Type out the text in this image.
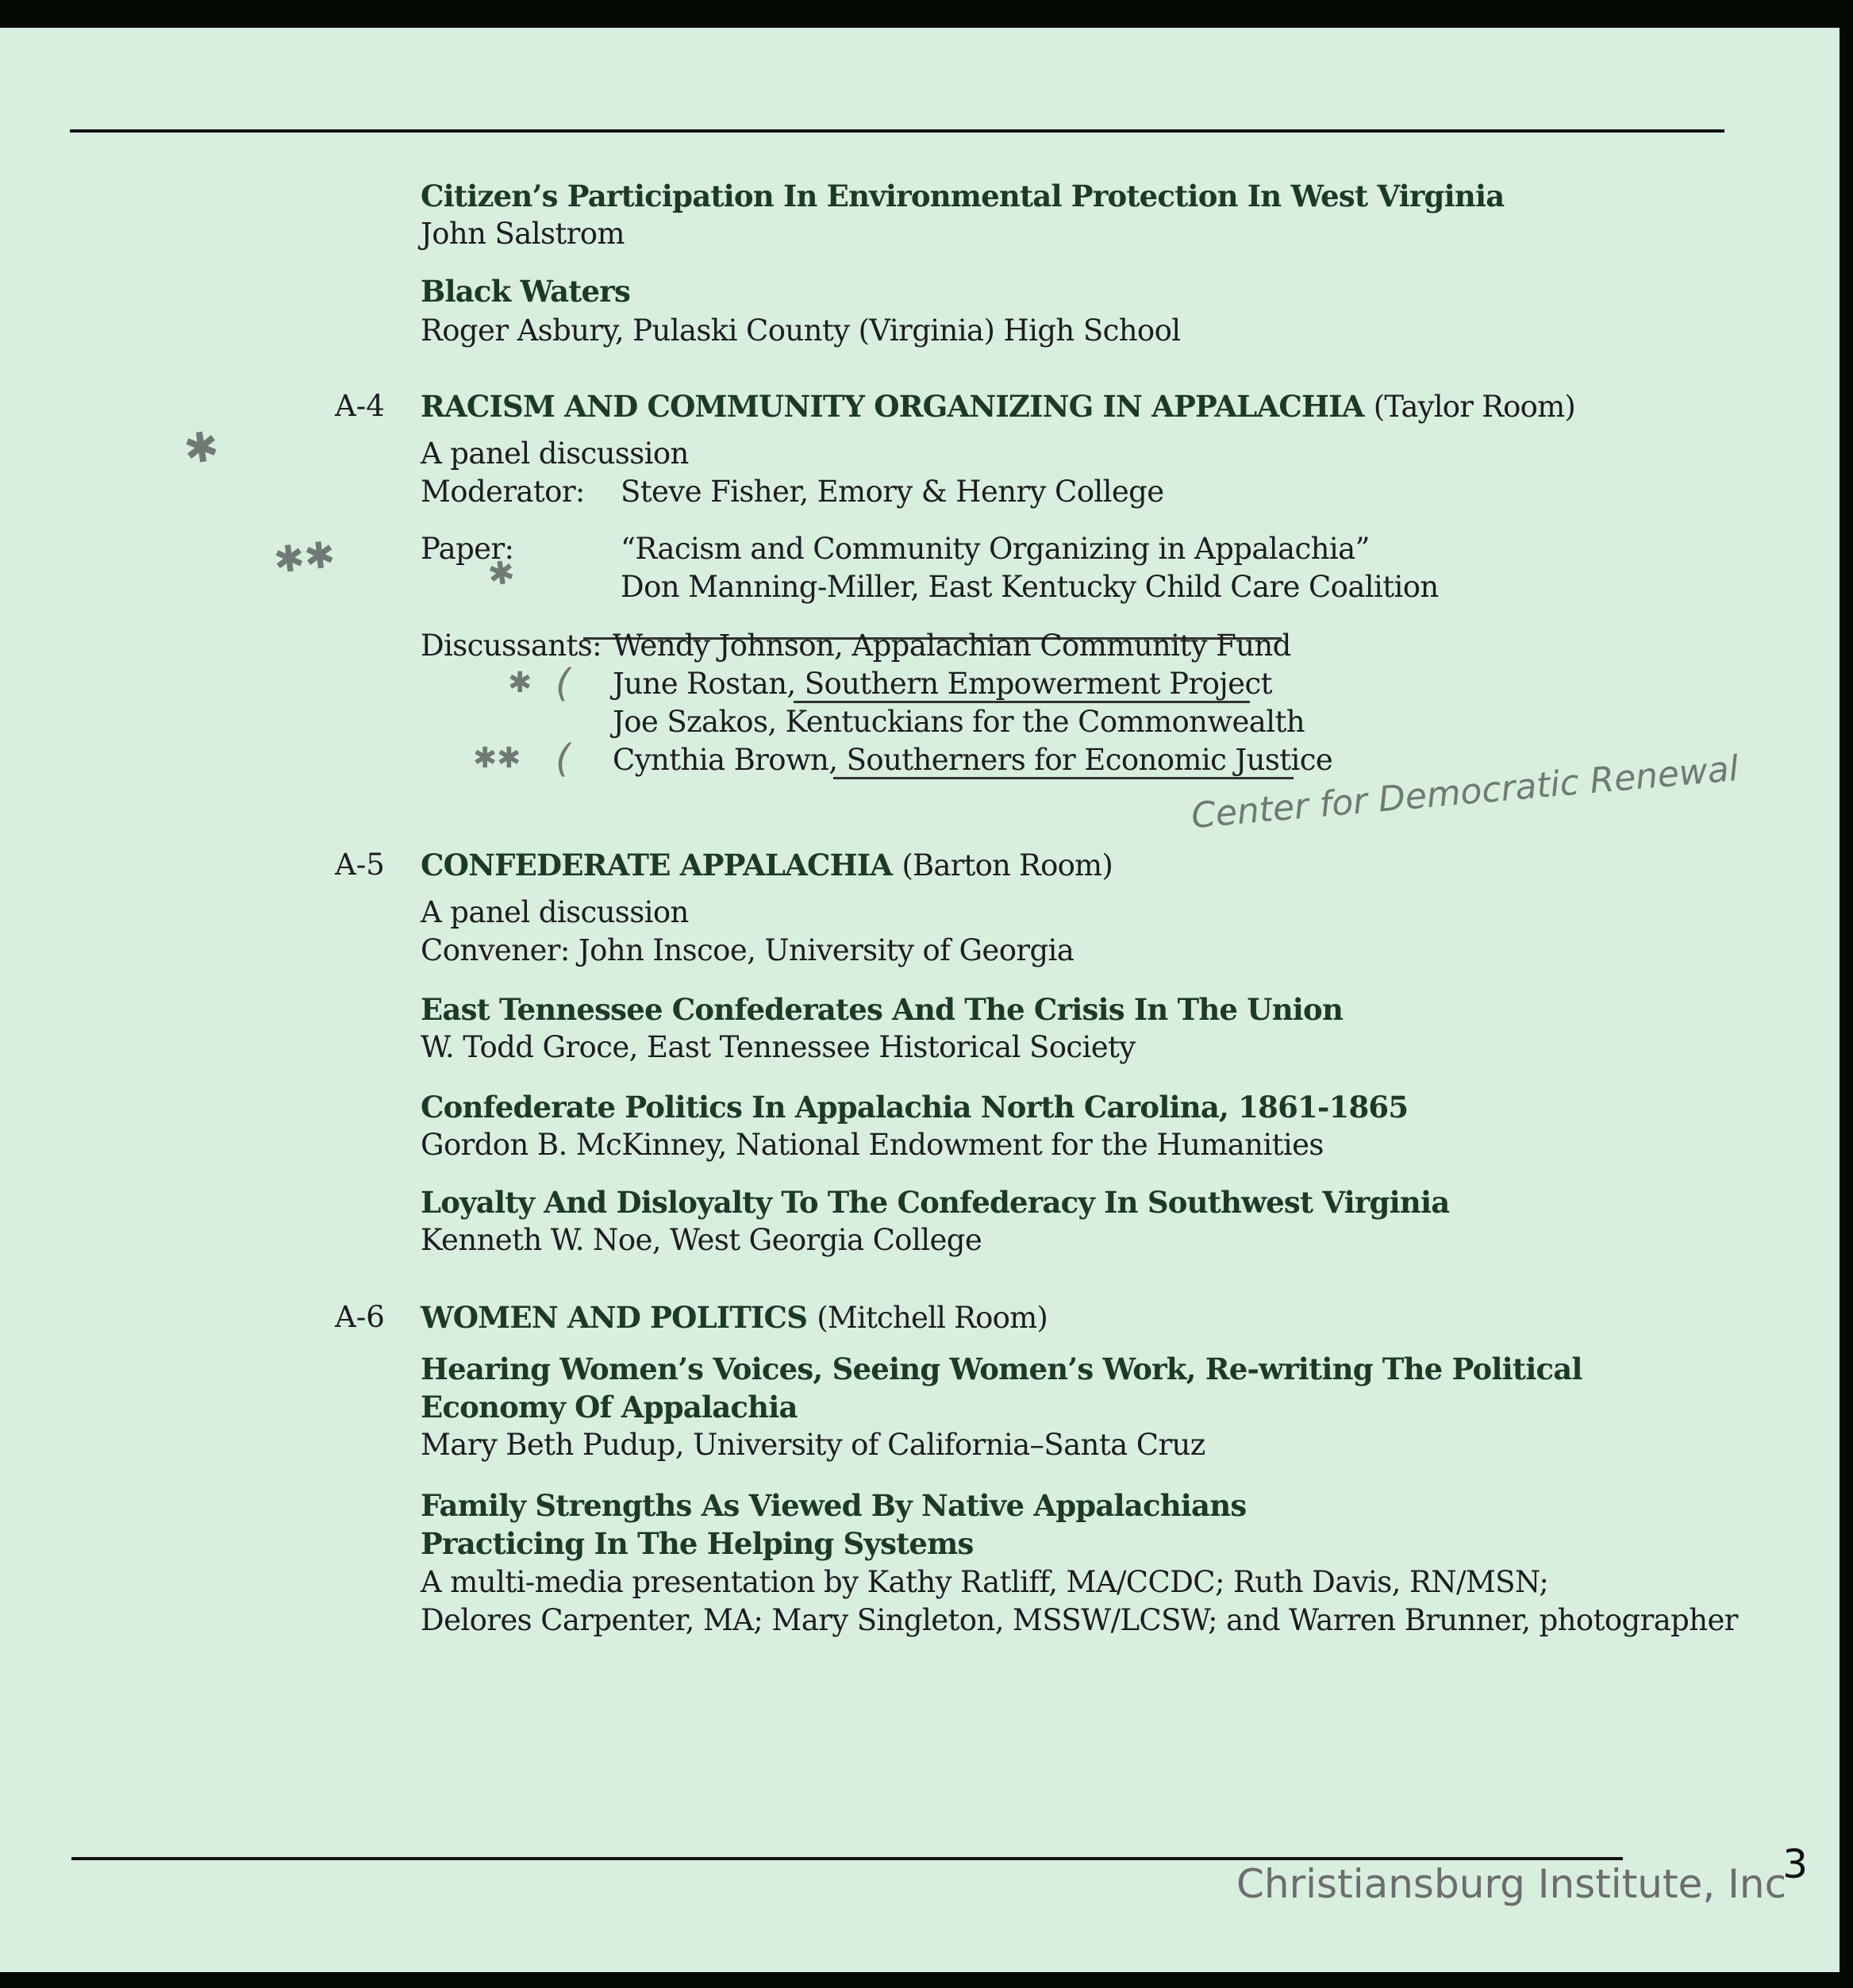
Citizen’s Participation In Environmental Protection In West Virginia
John Salstrom
Black Waters
Roger Asbury, Pulaski County (Virginia) High School
A-4 RACISM AND COMMUNITY ORGANIZING IN APPALACHIA (Taylor Room)
A panel discussion
Moderator: Steve Fisher, Emory & Henry College
Paper:	“Racism and Community Organizing in Appalachia”
Don Manning-Miller, East Kentucky Child Care Coalition
Discussants: Wendy Johnson, Appalachian Community Fund
June Rostan, Southern Empowerment Project
Joe Szakos, Kentuckians for the Commonwealth
Cynthia Brown, Southerners for Economic Justice
✱
✱✱	✱
✱ (
✱✱ (	Center for Democratic Renewal
A-5 CONFEDERATE APPALACHIA (Barton Room)
A panel discussion
Convener: John Inscoe, University of Georgia
East Tennessee Confederates And The Crisis In The Union
W. Todd Groce, East Tennessee Historical Society
Confederate Politics In Appalachia North Carolina, 1861-1865
Gordon B. McKinney, National Endowment for the Humanities
Loyalty And Disloyalty To The Confederacy In Southwest Virginia
Kenneth W. Noe, West Georgia College
A-6 WOMEN AND POLITICS (Mitchell Room)
Hearing Women’s Voices, Seeing Women’s Work, Re-writing The Political
Economy Of Appalachia
Mary Beth Pudup, University of California–Santa Cruz
Family Strengths As Viewed By Native Appalachians
Practicing In The Helping Systems
A multi-media presentation by Kathy Ratliff, MA/CCDC; Ruth Davis, RN/MSN;
Delores Carpenter, MA; Mary Singleton, MSSW/LCSW; and Warren Brunner, photographer
3
Christiansburg Institute, Inc
